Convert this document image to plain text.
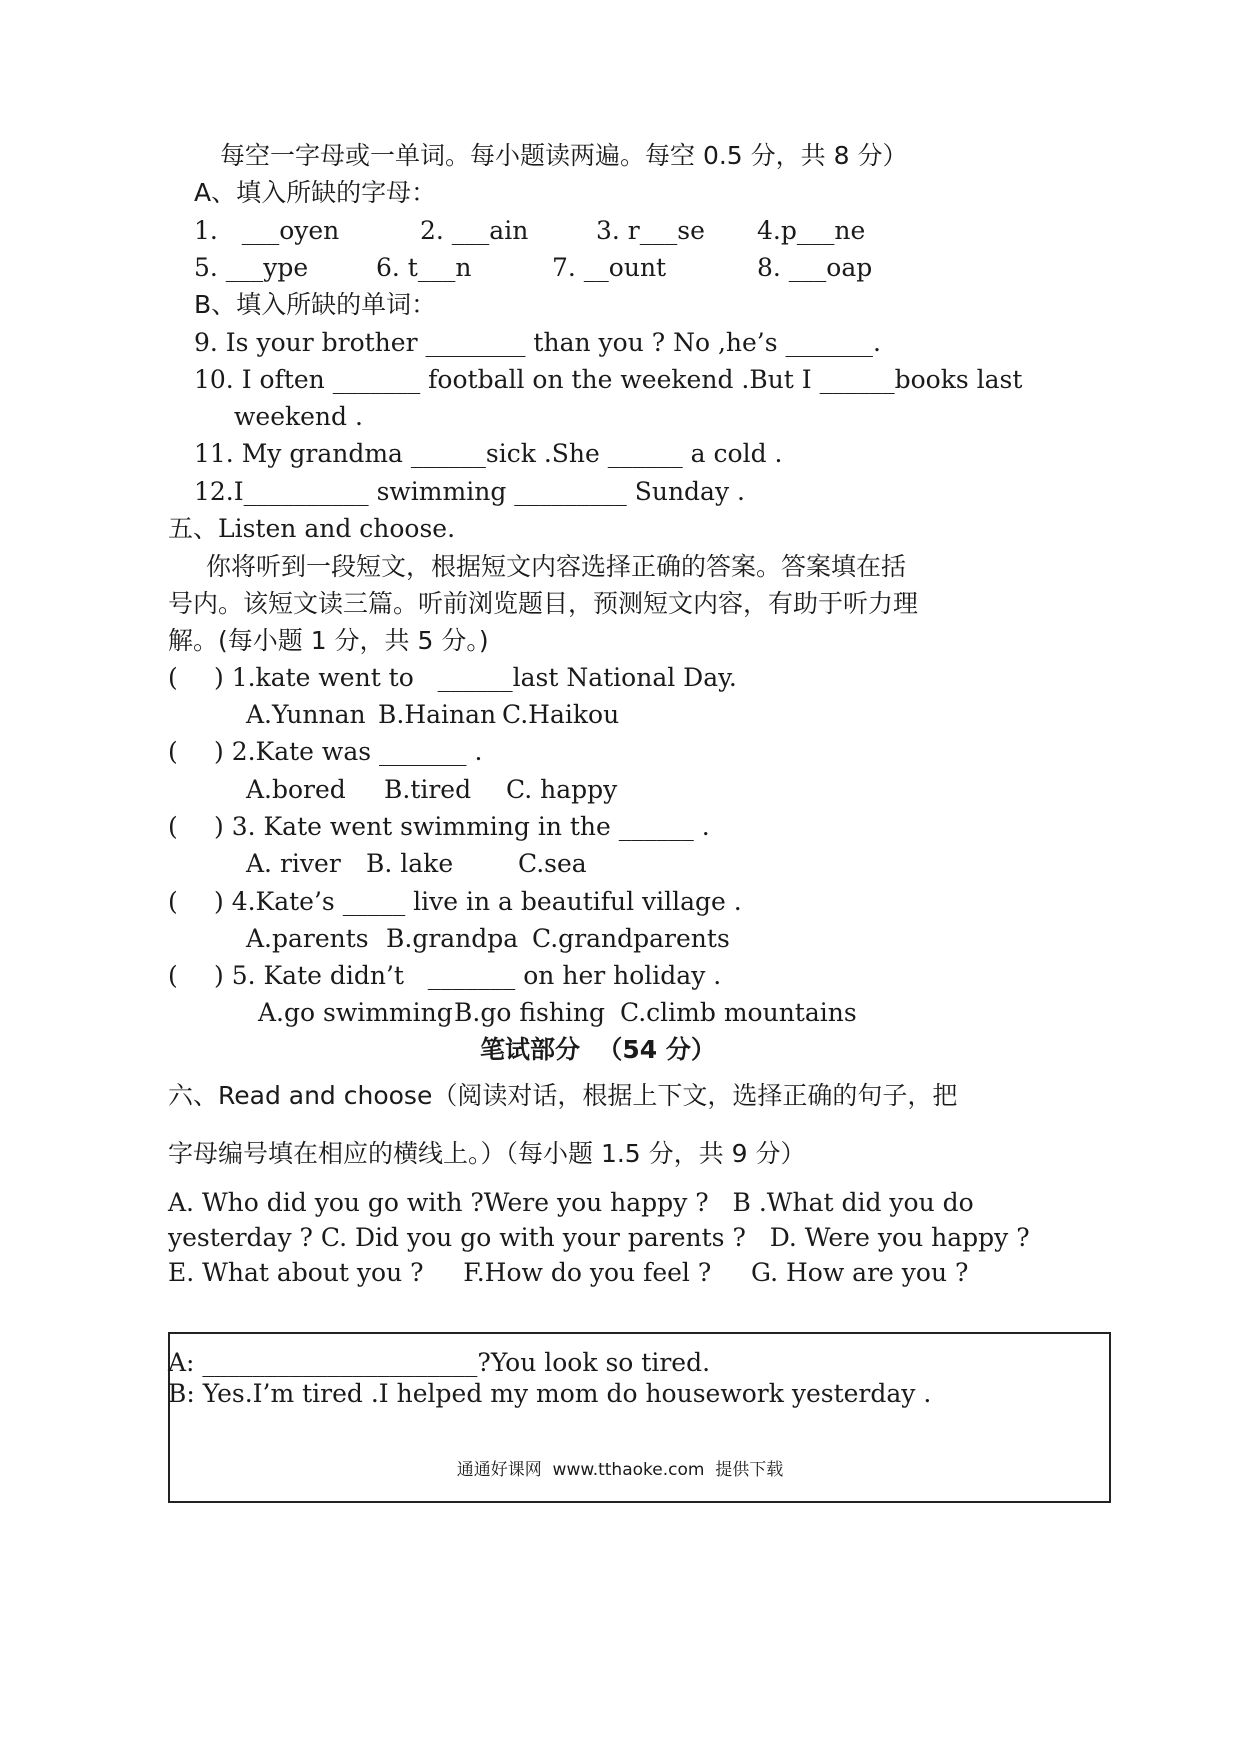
每空一字母或一单词。每小题读两遍。每空 0.5 分，共 8 分）
A、填入所缺的字母：
1.   ___oyen	2. ___ain	3. r___se 4.p___ne
5. ___ype	6. t___n	7. __ount	8. ___oap
B、填入所缺的单词：
9. Is your brother ________ than you ? No ,he’s _______.
10. I often _______ football on the weekend .But I ______books last
weekend .
11. My grandma ______sick .She ______ a cold .
12.I__________ swimming _________ Sunday .
五、Listen and choose.
你将听到一段短文，根据短文内容选择正确的答案。答案填在括
号内。该短文读三篇。听前浏览题目，预测短文内容，有助于听力理
解。(每小题 1 分，共 5 分。)
( ) 1.kate went to   ______last National Day.
A.Yunnan B.Hainan C.Haikou
( ) 2.Kate was _______ .
A.bored B.tired C. happy
( ) 3. Kate went swimming in the ______ .
A. river B. lake	C.sea
( ) 4.Kate’s _____ live in a beautiful village .
A.parents B.grandpa C.grandparents
( ) 5. Kate didn’t   _______ on her holiday .
A.go swimming B.go fishing C.climb mountains
笔试部分  （54 分）
六、Read and choose（阅读对话，根据上下文，选择正确的句子，把
字母编号填在相应的横线上。）（每小题 1.5 分，共 9 分）
A. Who did you go with ?Were you happy ?   B .What did you do
yesterday ? C. Did you go with your parents ?   D. Were you happy ?
E. What about you ?     F.How do you feel ?     G. How are you ?
A: ______________________?You look so tired.
B: Yes.I’m tired .I helped my mom do housework yesterday .
通通好课网  www.tthaoke.com  提供下载
